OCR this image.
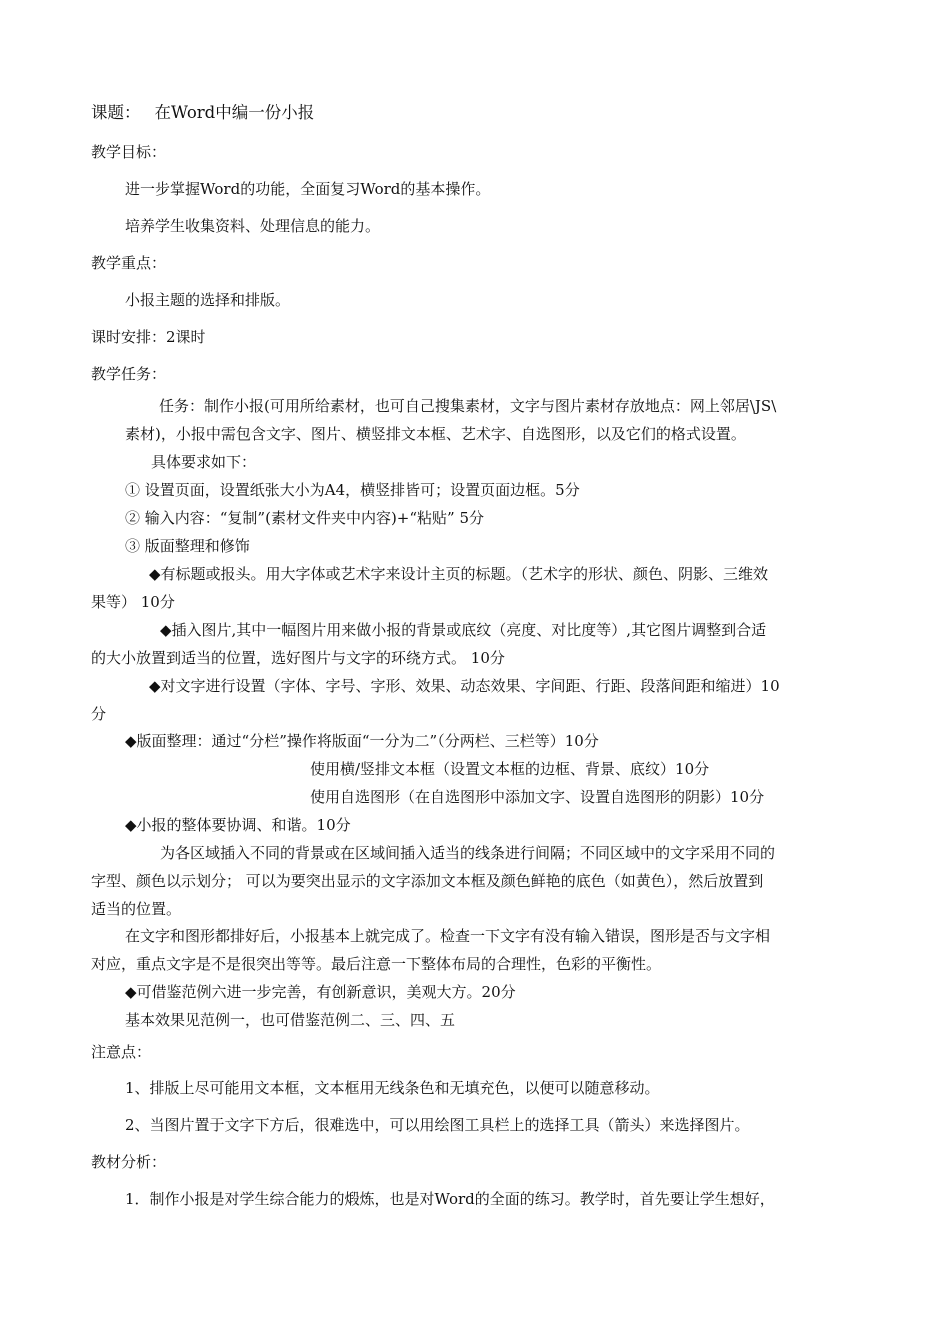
课题： 在Word中编一份小报
教学目标：
进一步掌握Word的功能，全面复习Word的基本操作。
培养学生收集资料、处理信息的能力。
教学重点：
小报主题的选择和排版。
课时安排：2课时
教学任务：
任务：制作小报(可用所给素材，也可自己搜集素材，文字与图片素材存放地点：网上邻居\JS\
素材)，小报中需包含文字、图片、横竖排文本框、艺术字、自选图形，以及它们的格式设置。
具体要求如下：
① 设置页面，设置纸张大小为A4，横竖排皆可；设置页面边框。5分
② 输入内容：“复制”(素材文件夹中内容)+“粘贴” 5分
③ 版面整理和修饰
◆有标题或报头。用大字体或艺术字来设计主页的标题。（艺术字的形状、颜色、阴影、三维效
果等） 10分
◆插入图片,其中一幅图片用来做小报的背景或底纹（亮度、对比度等）,其它图片调整到合适
的大小放置到适当的位置，选好图片与文字的环绕方式。 10分
◆对文字进行设置（字体、字号、字形、效果、动态效果、字间距、行距、段落间距和缩进）10
分
◆版面整理：通过“分栏”操作将版面“一分为二”（分两栏、三栏等）10分
使用横/竖排文本框（设置文本框的边框、背景、底纹）10分
使用自选图形（在自选图形中添加文字、设置自选图形的阴影）10分
◆小报的整体要协调、和谐。10分
为各区域插入不同的背景或在区域间插入适当的线条进行间隔；不同区域中的文字采用不同的
字型、颜色以示划分； 可以为要突出显示的文字添加文本框及颜色鲜艳的底色（如黄色），然后放置到
适当的位置。
在文字和图形都排好后，小报基本上就完成了。检查一下文字有没有输入错误，图形是否与文字相
对应，重点文字是不是很突出等等。最后注意一下整体布局的合理性，色彩的平衡性。
◆可借鉴范例六进一步完善，有创新意识，美观大方。20分
基本效果见范例一，也可借鉴范例二、三、四、五
注意点：
1、排版上尽可能用文本框，文本框用无线条色和无填充色，以便可以随意移动。
2、当图片置于文字下方后，很难选中，可以用绘图工具栏上的选择工具（箭头）来选择图片。
教材分析：
1．制作小报是对学生综合能力的煅炼，也是对Word的全面的练习。教学时，首先要让学生想好，
